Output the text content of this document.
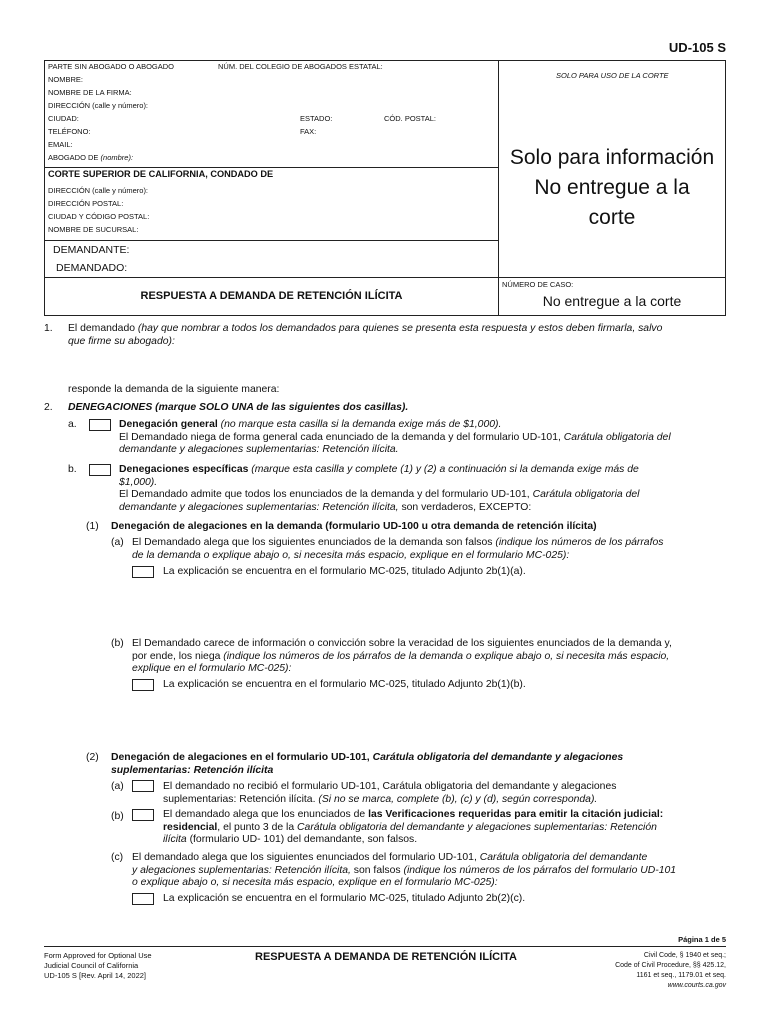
UD-105 S
PARTE SIN ABOGADO O ABOGADO	NÚM. DEL COLEGIO DE ABOGADOS ESTATAL:
SOLO PARA USO DE LA CORTE
NOMBRE:
NOMBRE DE LA FIRMA:
DIRECCIÓN (calle y número):
CIUDAD:	ESTADO:	CÓD. POSTAL:
TELÉFONO:	FAX:
EMAIL:
ABOGADO DE (nombre):
CORTE SUPERIOR DE CALIFORNIA, CONDADO DE
DIRECCIÓN (calle y número):
DIRECCIÓN POSTAL:
CIUDAD Y CÓDIGO POSTAL:
NOMBRE DE SUCURSAL:
Solo para información
No entregue a la
corte
DEMANDANTE:
DEMANDADO:
RESPUESTA A DEMANDA DE RETENCIÓN ILÍCITA
NÚMERO DE CASO:
No entregue a la corte
1. El demandado (hay que nombrar a todos los demandados para quienes se presenta esta respuesta y estos deben firmarla, salvo
que firme su abogado):
responde la demanda de la siguiente manera:
2. DENEGACIONES (marque SOLO UNA de las siguientes dos casillas).
a.	Denegación general (no marque esta casilla si la demanda exige más de $1,000).
El Demandado niega de forma general cada enunciado de la demanda y del formulario UD-101, Carátula obligatoria del
demandante y alegaciones suplementarias: Retención ilícita.
b.	Denegaciones específicas (marque esta casilla y complete (1) y (2) a continuación si la demanda exige más de
$1,000).
El Demandado admite que todos los enunciados de la demanda y del formulario UD-101, Carátula obligatoria del
demandante y alegaciones suplementarias: Retención ilícita, son verdaderos, EXCEPTO:
(1) Denegación de alegaciones en la demanda (formulario UD-100 u otra demanda de retención ilícita)
(a) El Demandado alega que los siguientes enunciados de la demanda son falsos (indique los números de los párrafos
de la demanda o explique abajo o, si necesita más espacio, explique en el formulario MC-025):
La explicación se encuentra en el formulario MC-025, titulado Adjunto 2b(1)(a).
(b) El Demandado carece de información o convicción sobre la veracidad de los siguientes enunciados de la demanda y,
por ende, los niega (indique los números de los párrafos de la demanda o explique abajo o, si necesita más espacio,
explique en el formulario MC-025):
La explicación se encuentra en el formulario MC-025, titulado Adjunto 2b(1)(b).
(2) Denegación de alegaciones en el formulario UD-101, Carátula obligatoria del demandante y alegaciones
suplementarias: Retención ilícita
(a)	El demandado no recibió el formulario UD-101, Carátula obligatoria del demandante y alegaciones
suplementarias: Retención ilícita. (Si no se marca, complete (b), (c) y (d), según corresponda).
(b)	El demandado alega que los enunciados de las Verificaciones requeridas para emitir la citación judicial:
residencial, el punto 3 de la Carátula obligatoria del demandante y alegaciones suplementarias: Retención
ilícita (formulario UD- 101) del demandante, son falsos.
(c) El demandado alega que los siguientes enunciados del formulario UD-101, Carátula obligatoria del demandante
y alegaciones suplementarias: Retención ilícita, son falsos (indique los números de los párrafos del formulario UD-101
o explique abajo o, si necesita más espacio, explique en el formulario MC-025):
La explicación se encuentra en el formulario MC-025, titulado Adjunto 2b(2)(c).
Página 1 de 5
Form Approved for Optional Use
Judicial Council of California
UD-105 S [Rev. April 14, 2022]
RESPUESTA A DEMANDA DE RETENCIÓN ILÍCITA	Civil Code, § 1940 et seq.;
Code of Civil Procedure, §§ 425.12,
1161 et seq., 1179.01 et seq.
www.courts.ca.gov
